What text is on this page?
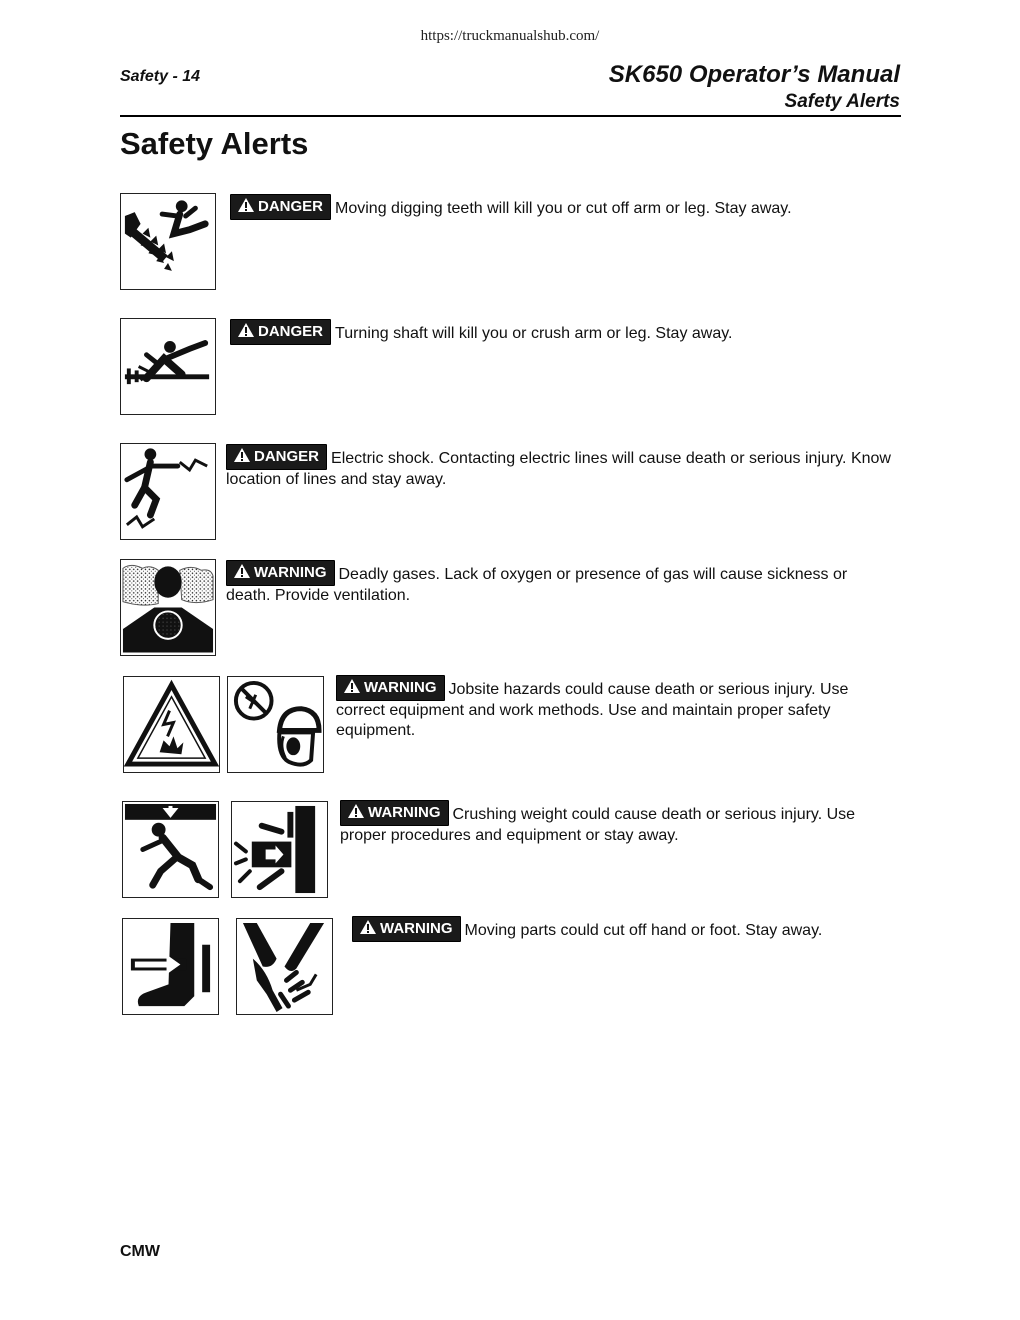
https://truckmanualshub.com/
Safety - 14	SK650 Operator’s Manual
Safety Alerts
Safety Alerts
DANGER Moving digging teeth will kill you or cut off arm or leg. Stay away.
DANGER Turning shaft will kill you or crush arm or leg. Stay away.
DANGER Electric shock. Contacting electric lines will cause death or serious injury. Know location of lines and stay away.
WARNING Deadly gases. Lack of oxygen or presence of gas will cause sickness or death. Provide ventilation.
WARNING Jobsite hazards could cause death or serious injury. Use correct equipment and work methods. Use and maintain proper safety equipment.
WARNING Crushing weight could cause death or serious injury. Use proper procedures and equipment or stay away.
WARNING Moving parts could cut off hand or foot. Stay away.
CMW
